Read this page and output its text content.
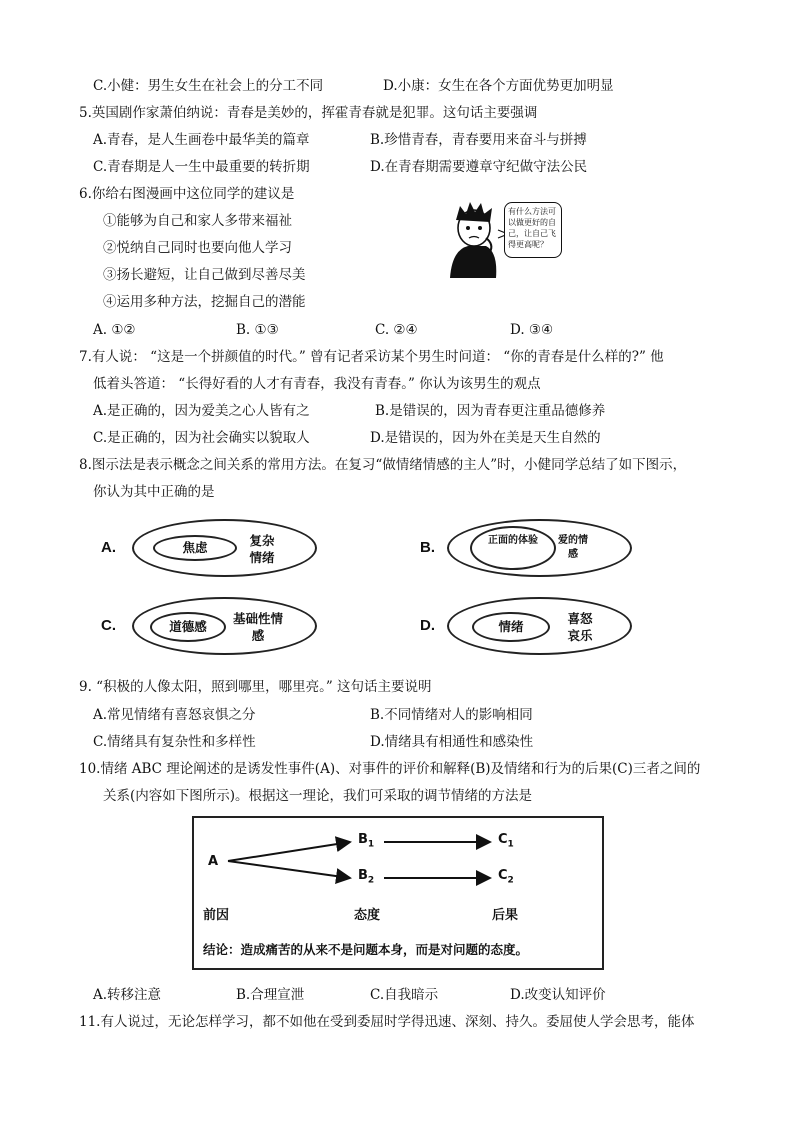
C.小健：男生女生在社会上的分工不同	D.小康：女生在各个方面优势更加明显
5.英国剧作家萧伯纳说：青春是美妙的，挥霍青春就是犯罪。这句话主要强调
A.青春，是人生画卷中最华美的篇章	B.珍惜青春，青春要用来奋斗与拼搏
C.青春期是人一生中最重要的转折期	D.在青春期需要遵章守纪做守法公民
6.你给右图漫画中这位同学的建议是
①能够为自己和家人多带来福祉
②悦纳自己同时也要向他人学习
③扬长避短，让自己做到尽善尽美
④运用多种方法，挖掘自己的潜能
A. ①②	B. ①③	C. ②④	D. ③④
有什么方法可以做更好的自己，让自己飞得更高呢？
7.有人说： “这是一个拼颜值的时代。” 曾有记者采访某个男生时问道： “你的青春是什么样的?” 他
低着头答道： “长得好看的人才有青春，我没有青春。” 你认为该男生的观点
A.是正确的，因为爱美之心人皆有之	B.是错误的，因为青春更注重品德修养
C.是正确的，因为社会确实以貌取人	D.是错误的，因为外在美是天生自然的
8.图示法是表示概念之间关系的常用方法。在复习“做情绪情感的主人”时，小健同学总结了如下图示，
你认为其中正确的是
A.	焦虑	复杂情绪
B.	正面的体验	爱的情感
C.	道德感
基础性情感
D.	情绪
喜怒哀乐
9. “积极的人像太阳，照到哪里，哪里亮。” 这句话主要说明
A.常见情绪有喜怒哀惧之分	B.不同情绪对人的影响相同
C.情绪具有复杂性和多样性	D.情绪具有相通性和感染性
10.情绪 ABC 理论阐述的是诱发性事件(A)、对事件的评价和解释(B)及情绪和行为的后果(C)三者之间的
关系(内容如下图所示)。根据这一理论，我们可采取的调节情绪的方法是
A
$B_1$
$B_2$
$C_1$
$C_2$
前因	态度	后果
结论：造成痛苦的从来不是问题本身，而是对问题的态度。
A.转移注意	B.合理宣泄	C.自我暗示	D.改变认知评价
11.有人说过，无论怎样学习，都不如他在受到委屈时学得迅速、深刻、持久。委屈使人学会思考，能体
